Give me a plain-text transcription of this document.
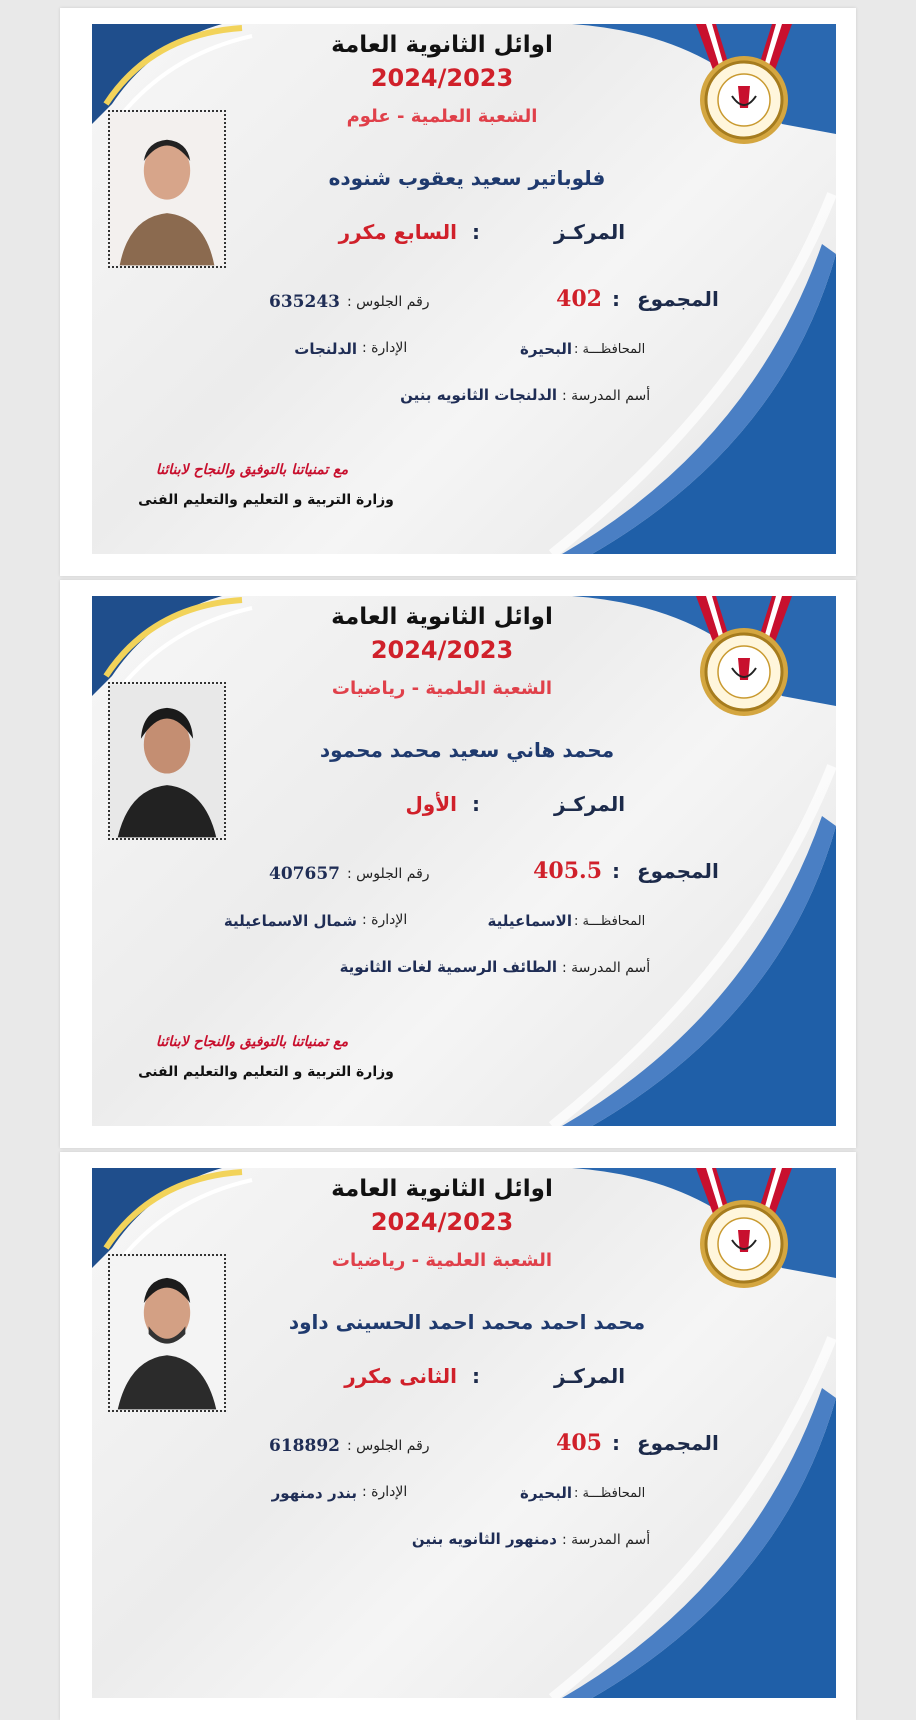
اوائل الثانوية العامة
2024/2023
الشعبة العلمية - علوم
فلوباتير سعيد يعقوب شنوده
المركـز
:
السابع مكرر
المجموع
:
402
رقم الجلوس :
635243
المحافظـــة :
البحيرة
الإدارة :
الدلنجات
أسم المدرسة :
الدلنجات الثانويه بنين
مع تمنياتنا بالتوفيق والنجاح لابنائنا
وزارة التربية و التعليم والتعليم الفنى
اوائل الثانوية العامة
2024/2023
الشعبة العلمية - رياضيات
محمد هاني سعيد محمد محمود
المركـز
:
الأول
المجموع
:
405.5
رقم الجلوس :
407657
المحافظـــة :
الاسماعيلية
الإدارة :
شمال الاسماعيلية
أسم المدرسة :
الطائف الرسمية لغات الثانوية
مع تمنياتنا بالتوفيق والنجاح لابنائنا
وزارة التربية و التعليم والتعليم الفنى
اوائل الثانوية العامة
2024/2023
الشعبة العلمية - رياضيات
محمد احمد محمد احمد الحسينى داود
المركـز
:
الثانى مكرر
المجموع
:
405
رقم الجلوس :
618892
المحافظـــة :
البحيرة
الإدارة :
بندر دمنهور
أسم المدرسة :
دمنهور الثانويه بنين
